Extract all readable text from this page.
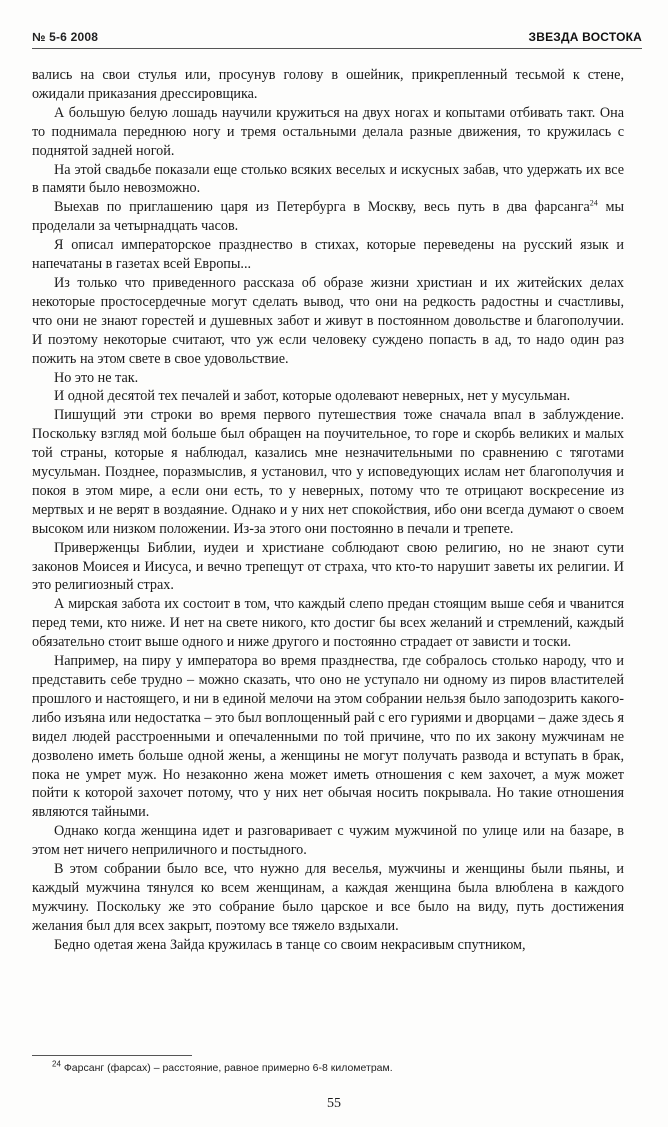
№ 5-6 2008	ЗВЕЗДА ВОСТОКА

вались на свои стулья или, просунув голову в ошейник, прикрепленный тесьмой к стене, ожидали приказания дрессировщика.

А большую белую лошадь научили кружиться на двух ногах и копытами отбивать такт. Она то поднимала переднюю ногу и тремя остальными делала разные движения, то кружилась с поднятой задней ногой.

На этой свадьбе показали еще столько всяких веселых и искусных забав, что удержать их все в памяти было невозможно.

Выехав по приглашению царя из Петербурга в Москву, весь путь в два фарсанга$^{24}$ мы проделали за четырнадцать часов.

Я описал императорское празднество в стихах, которые переведены на русский язык и напечатаны в газетах всей Европы...

Из только что приведенного рассказа об образе жизни христиан и их житейских делах некоторые простосердечные могут сделать вывод, что они на редкость радостны и счастливы, что они не знают горестей и душевных забот и живут в постоянном довольстве и благополучии. И поэтому некоторые считают, что уж если человеку суждено попасть в ад, то надо один раз пожить на этом свете в свое удовольствие.

Но это не так.

И одной десятой тех печалей и забот, которые одолевают неверных, нет у мусульман.

Пишущий эти строки во время первого путешествия тоже сначала впал в заблуждение. Поскольку взгляд мой больше был обращен на поучительное, то горе и скорбь великих и малых той страны, которые я наблюдал, казались мне незначительными по сравнению с тяготами мусульман. Позднее, поразмыслив, я установил, что у исповедующих ислам нет благополучия и покоя в этом мире, а если они есть, то у неверных, потому что те отрицают воскресение из мертвых и не верят в воздаяние. Однако и у них нет спокойствия, ибо они всегда думают о своем высоком или низком положении. Из-за этого они постоянно в печали и трепете.

Приверженцы Библии, иудеи и христиане соблюдают свою религию, но не знают сути законов Моисея и Иисуса, и вечно трепещут от страха, что кто-то нарушит заветы их религии. И это религиозный страх.

А мирская забота их состоит в том, что каждый слепо предан стоящим выше себя и чванится перед теми, кто ниже. И нет на свете никого, кто достиг бы всех желаний и стремлений, каждый обязательно стоит выше одного и ниже другого и постоянно страдает от зависти и тоски.

Например, на пиру у императора во время празднества, где собралось столько народу, что и представить себе трудно – можно сказать, что оно не уступало ни одному из пиров властителей прошлого и настоящего, и ни в единой мелочи на этом собрании нельзя было заподозрить какого-либо изъяна или недостатка – это был воплощенный рай с его гуриями и дворцами – даже здесь я видел людей расстроенными и опечаленными по той причине, что по их закону мужчинам не дозволено иметь больше одной жены, а женщины не могут получать развода и вступать в брак, пока не умрет муж. Но незаконно жена может иметь отношения с кем захочет, а муж может пойти к которой захочет потому, что у них нет обычая носить покрывала. Но такие отношения являются тайными.

Однако когда женщина идет и разговаривает с чужим мужчиной по улице или на базаре, в этом нет ничего неприличного и постыдного.

В этом собрании было все, что нужно для веселья, мужчины и женщины были пьяны, и каждый мужчина тянулся ко всем женщинам, а каждая женщина была влюблена в каждого мужчину. Поскольку же это собрание было царское и все было на виду, путь достижения желания был для всех закрыт, поэтому все тяжело вздыхали.

Бедно одетая жена Зайда кружилась в танце со своим некрасивым спутником,

$^{24}$ Фарсанг (фарсах) – расстояние, равное примерно 6-8 километрам.
55
